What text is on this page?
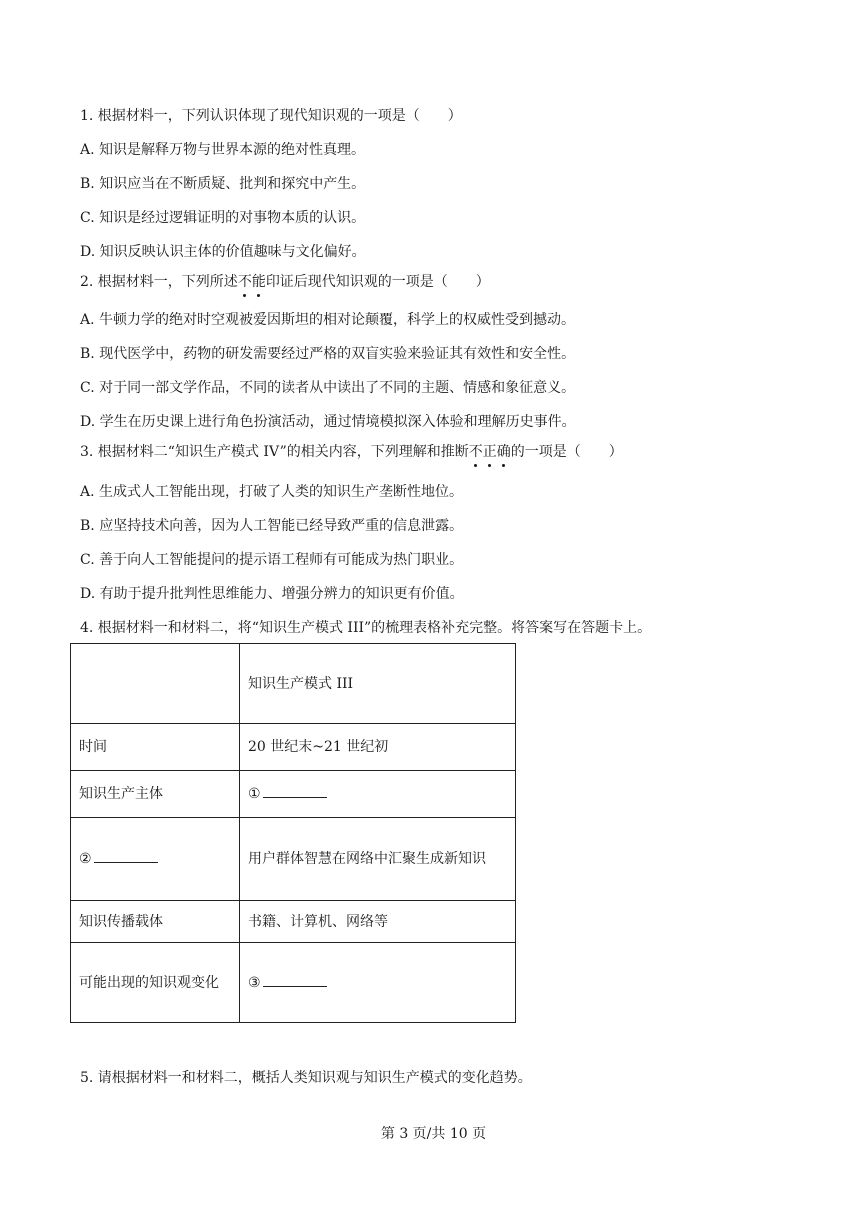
1. 根据材料一，下列认识体现了现代知识观的一项是（　　）
A. 知识是解释万物与世界本源的绝对性真理。
B. 知识应当在不断质疑、批判和探究中产生。
C. 知识是经过逻辑证明的对事物本质的认识。
D. 知识反映认识主体的价值趣味与文化偏好。
2. 根据材料一，下列所述不能印证后现代知识观的一项是（　　）
A. 牛顿力学的绝对时空观被爱因斯坦的相对论颠覆，科学上的权威性受到撼动。
B. 现代医学中，药物的研发需要经过严格的双盲实验来验证其有效性和安全性。
C. 对于同一部文学作品，不同的读者从中读出了不同的主题、情感和象征意义。
D. 学生在历史课上进行角色扮演活动，通过情境模拟深入体验和理解历史事件。
3. 根据材料二“知识生产模式 IV”的相关内容，下列理解和推断不正确的一项是（　　）
A. 生成式人工智能出现，打破了人类的知识生产垄断性地位。
B. 应坚持技术向善，因为人工智能已经导致严重的信息泄露。
C. 善于向人工智能提问的提示语工程师有可能成为热门职业。
D. 有助于提升批判性思维能力、增强分辨力的知识更有价值。
4. 根据材料一和材料二，将“知识生产模式 III”的梳理表格补充完整。将答案写在答题卡上。
	知识生产模式 III
时间	20 世纪末~21 世纪初
知识生产主体	①
②	用户群体智慧在网络中汇聚生成新知识
知识传播载体	书籍、计算机、网络等
可能出现的知识观变化	③
5. 请根据材料一和材料二，概括人类知识观与知识生产模式的变化趋势。
第 3 页/共 10 页
